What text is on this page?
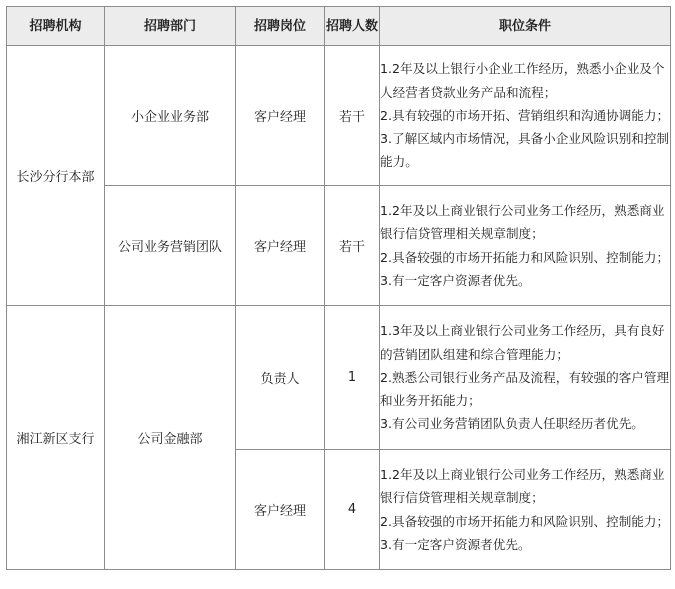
招聘机构	招聘部门	招聘岗位	招聘人数	职位条件
长沙分行本部	小企业业务部	客户经理	若干	1.2年及以上银行小企业工作经历，熟悉小企业及个人经营者贷款业务产品和流程；

2.具有较强的市场开拓、营销组织和沟通协调能力；

3.了解区域内市场情况，具备小企业风险识别和控制能力。

	公司业务营销团队	客户经理	若干	1.2年及以上商业银行公司业务工作经历，熟悉商业银行信贷管理相关规章制度；

2.具备较强的市场开拓能力和风险识别、控制能力；

3.有一定客户资源者优先。

湘江新区支行	公司金融部	负责人	1	1.3年及以上商业银行公司业务工作经历，具有良好的营销团队组建和综合管理能力；

2.熟悉公司银行业务产品及流程，有较强的客户管理和业务开拓能力；

3.有公司业务营销团队负责人任职经历者优先。

		客户经理	4	1.2年及以上商业银行公司业务工作经历，熟悉商业银行信贷管理相关规章制度；

2.具备较强的市场开拓能力和风险识别、控制能力；

3.有一定客户资源者优先。
